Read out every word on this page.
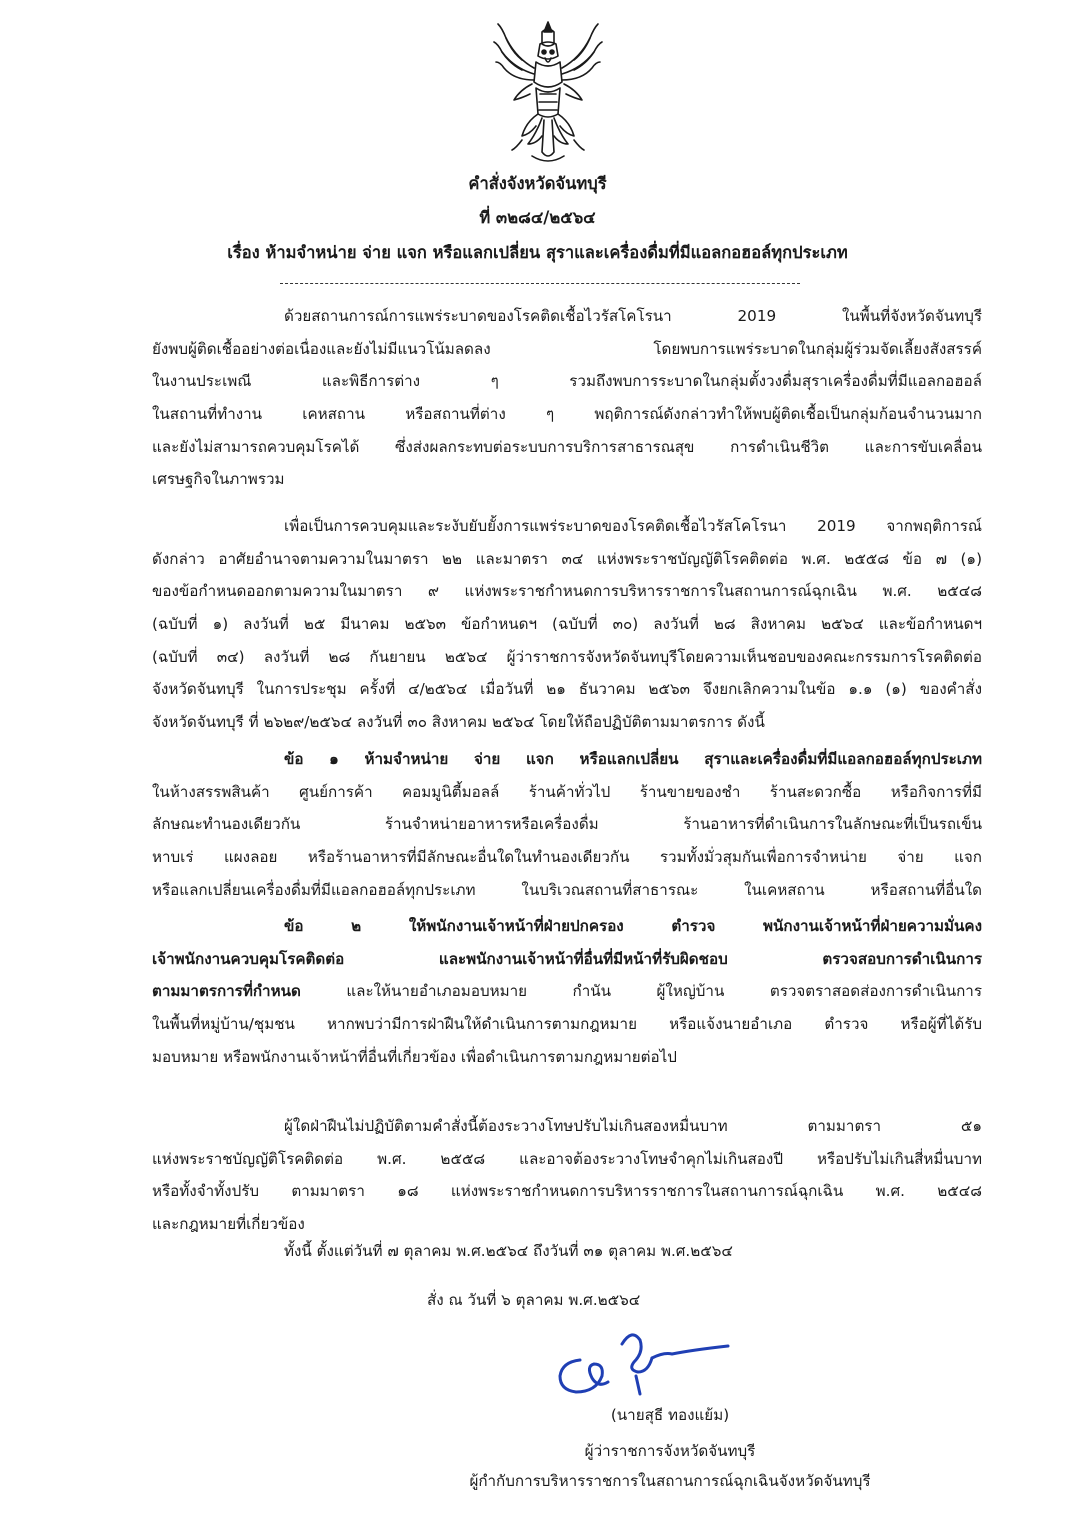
คำสั่งจังหวัดจันทบุรี
ที่ ๓๒๘๔/๒๕๖๔
เรื่อง ห้ามจำหน่าย จ่าย แจก หรือแลกเปลี่ยน สุราและเครื่องดื่มที่มีแอลกอฮอล์ทุกประเภท
ด้วยสถานการณ์การแพร่ระบาดของโรคติดเชื้อไวรัสโคโรนา 2019 ในพื้นที่จังหวัดจันทบุรี
ยังพบผู้ติดเชื้ออย่างต่อเนื่องและยังไม่มีแนวโน้มลดลง โดยพบการแพร่ระบาดในกลุ่มผู้ร่วมจัดเลี้ยงสังสรรค์
ในงานประเพณี และพิธีการต่าง ๆ รวมถึงพบการระบาดในกลุ่มตั้งวงดื่มสุราเครื่องดื่มที่มีแอลกอฮอล์
ในสถานที่ทำงาน เคหสถาน หรือสถานที่ต่าง ๆ พฤติการณ์ดังกล่าวทำให้พบผู้ติดเชื้อเป็นกลุ่มก้อนจำนวนมาก
และยังไม่สามารถควบคุมโรคได้ ซึ่งส่งผลกระทบต่อระบบการบริการสาธารณสุข การดำเนินชีวิต และการขับเคลื่อน
เศรษฐกิจในภาพรวม
เพื่อเป็นการควบคุมและระงับยับยั้งการแพร่ระบาดของโรคติดเชื้อไวรัสโคโรนา 2019 จากพฤติการณ์
ดังกล่าว อาศัยอำนาจตามความในมาตรา ๒๒ และมาตรา ๓๔ แห่งพระราชบัญญัติโรคติดต่อ พ.ศ. ๒๕๕๘ ข้อ ๗ (๑)
ของข้อกำหนดออกตามความในมาตรา ๙ แห่งพระราชกำหนดการบริหารราชการในสถานการณ์ฉุกเฉิน พ.ศ. ๒๕๔๘
(ฉบับที่ ๑) ลงวันที่ ๒๕ มีนาคม ๒๕๖๓ ข้อกำหนดฯ (ฉบับที่ ๓๐) ลงวันที่ ๒๘ สิงหาคม ๒๕๖๔ และข้อกำหนดฯ
(ฉบับที่ ๓๔) ลงวันที่ ๒๘ กันยายน ๒๕๖๔ ผู้ว่าราชการจังหวัดจันทบุรีโดยความเห็นชอบของคณะกรรมการโรคติดต่อ
จังหวัดจันทบุรี ในการประชุม ครั้งที่ ๔/๒๕๖๔ เมื่อวันที่ ๒๑ ธันวาคม ๒๕๖๓ จึงยกเลิกความในข้อ ๑.๑ (๑) ของคำสั่ง
จังหวัดจันทบุรี ที่ ๒๖๒๙/๒๕๖๔ ลงวันที่ ๓๐ สิงหาคม ๒๕๖๔ โดยให้ถือปฏิบัติตามมาตรการ ดังนี้
ข้อ ๑ ห้ามจำหน่าย จ่าย แจก หรือแลกเปลี่ยน สุราและเครื่องดื่มที่มีแอลกอฮอล์ทุกประเภท
ในห้างสรรพสินค้า ศูนย์การค้า คอมมูนิตี้มอลล์ ร้านค้าทั่วไป ร้านขายของชำ ร้านสะดวกซื้อ หรือกิจการที่มี
ลักษณะทำนองเดียวกัน ร้านจำหน่ายอาหารหรือเครื่องดื่ม ร้านอาหารที่ดำเนินการในลักษณะที่เป็นรถเข็น
หาบเร่ แผงลอย หรือร้านอาหารที่มีลักษณะอื่นใดในทำนองเดียวกัน รวมทั้งมั่วสุมกันเพื่อการจำหน่าย จ่าย แจก
หรือแลกเปลี่ยนเครื่องดื่มที่มีแอลกอฮอล์ทุกประเภท ในบริเวณสถานที่สาธารณะ ในเคหสถาน หรือสถานที่อื่นใด
ข้อ ๒ ให้พนักงานเจ้าหน้าที่ฝ่ายปกครอง ตำรวจ พนักงานเจ้าหน้าที่ฝ่ายความมั่นคง
เจ้าพนักงานควบคุมโรคติดต่อ และพนักงานเจ้าหน้าที่อื่นที่มีหน้าที่รับผิดชอบ ตรวจสอบการดำเนินการ
ตามมาตรการที่กำหนด และให้นายอำเภอมอบหมาย กำนัน ผู้ใหญ่บ้าน ตรวจตราสอดส่องการดำเนินการ
ในพื้นที่หมู่บ้าน/ชุมชน หากพบว่ามีการฝ่าฝืนให้ดำเนินการตามกฎหมาย หรือแจ้งนายอำเภอ ตำรวจ หรือผู้ที่ได้รับ
มอบหมาย หรือพนักงานเจ้าหน้าที่อื่นที่เกี่ยวข้อง เพื่อดำเนินการตามกฎหมายต่อไป
ผู้ใดฝ่าฝืนไม่ปฏิบัติตามคำสั่งนี้ต้องระวางโทษปรับไม่เกินสองหมื่นบาท ตามมาตรา ๕๑
แห่งพระราชบัญญัติโรคติดต่อ พ.ศ. ๒๕๕๘ และอาจต้องระวางโทษจำคุกไม่เกินสองปี หรือปรับไม่เกินสี่หมื่นบาท
หรือทั้งจำทั้งปรับ ตามมาตรา ๑๘ แห่งพระราชกำหนดการบริหารราชการในสถานการณ์ฉุกเฉิน พ.ศ. ๒๕๔๘
และกฎหมายที่เกี่ยวข้อง
ทั้งนี้ ตั้งแต่วันที่ ๗ ตุลาคม พ.ศ.๒๕๖๔ ถึงวันที่ ๓๑ ตุลาคม พ.ศ.๒๕๖๔
สั่ง ณ วันที่ ๖ ตุลาคม พ.ศ.๒๕๖๔
(นายสุธี ทองแย้ม)
ผู้ว่าราชการจังหวัดจันทบุรี
ผู้กำกับการบริหารราชการในสถานการณ์ฉุกเฉินจังหวัดจันทบุรี
